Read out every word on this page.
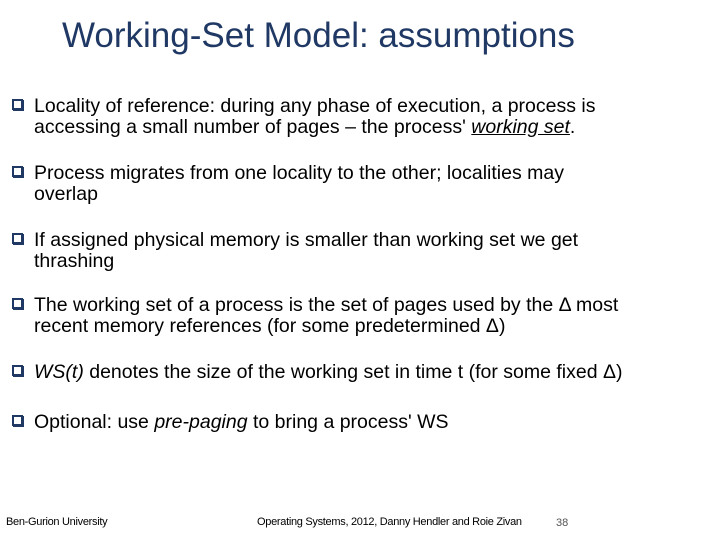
Working-Set Model: assumptions
Locality of reference: during any phase of execution, a process is
accessing a small number of pages – the process' working set.
Process migrates from one locality to the other; localities may
overlap
If assigned physical memory is smaller than working set we get
thrashing
The working set of a process is the set of pages used by the Δ most
recent memory references (for some predetermined Δ)
WS(t) denotes the size of the working set in time t (for some fixed Δ)
Optional: use pre-paging to bring a process' WS
Ben-Gurion University	Operating Systems, 2012, Danny Hendler and Roie Zivan	38
